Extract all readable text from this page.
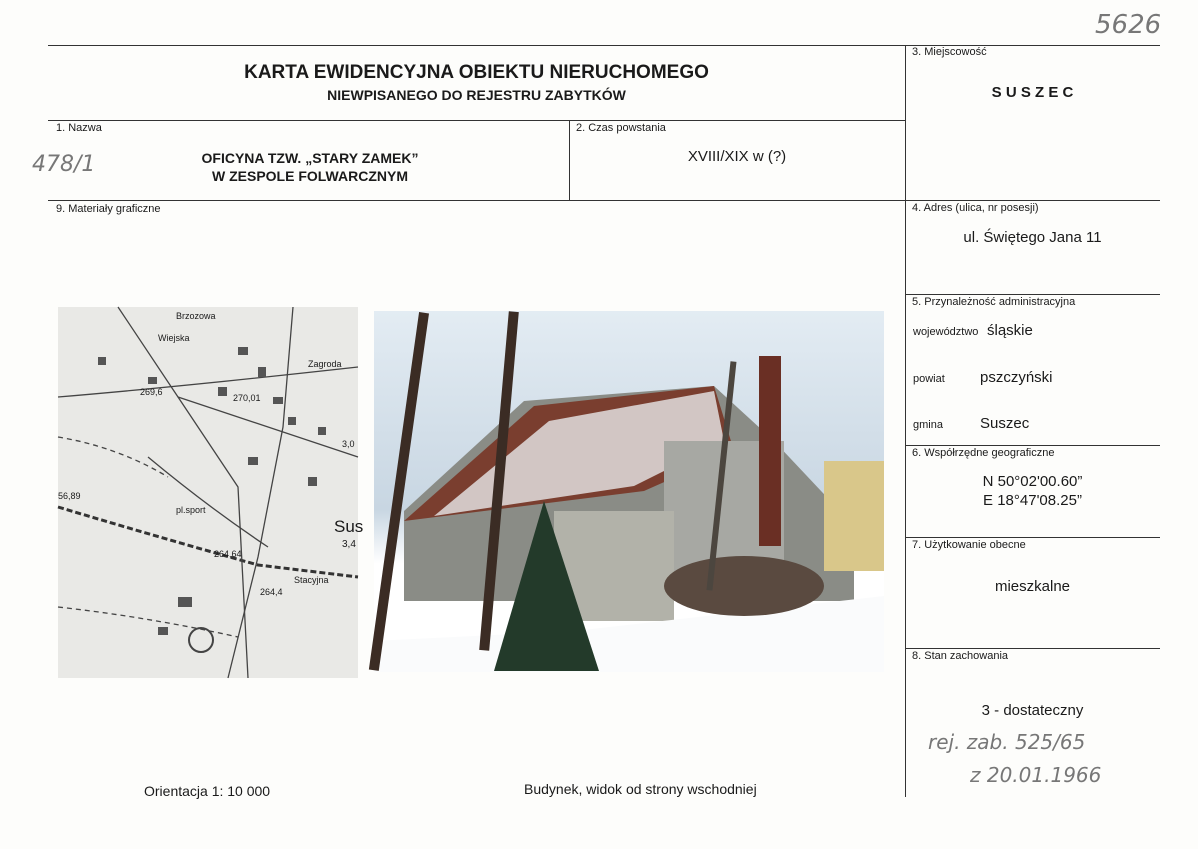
5626
KARTA EWIDENCYJNA OBIEKTU NIERUCHOMEGO
NIEWPISANEGO DO REJESTRU ZABYTKÓW
1. Nazwa
478/1	OFICYNA TZW. „STARY ZAMEK”
W ZESPOLE FOLWARCZNYM
2. Czas powstania
XVIII/XIX w (?)
3. Miejscowość
S U S Z E C
9. Materiały graficzne	4. Adres (ulica, nr posesji)
ul. Świętego Jana 11
5. Przynależność administracyjna
województwo śląskie
powiat pszczyński
gmina Suszec
6. Współrzędne geograficzne
N 50°02'00.60”
E 18°47'08.25”
7. Użytkowanie obecne
mieszkalne
8. Stan zachowania
3 - dostateczny
rej. zab. 525/65
z 20.01.1966
Brzozowa
Wiejska
Zagroda
270,01
269,6
3,0
56,89
pl.sport
264,64
Stacyjna
264,4
Sus
3,4
Orientacja 1: 10 000	Budynek, widok od strony wschodniej
